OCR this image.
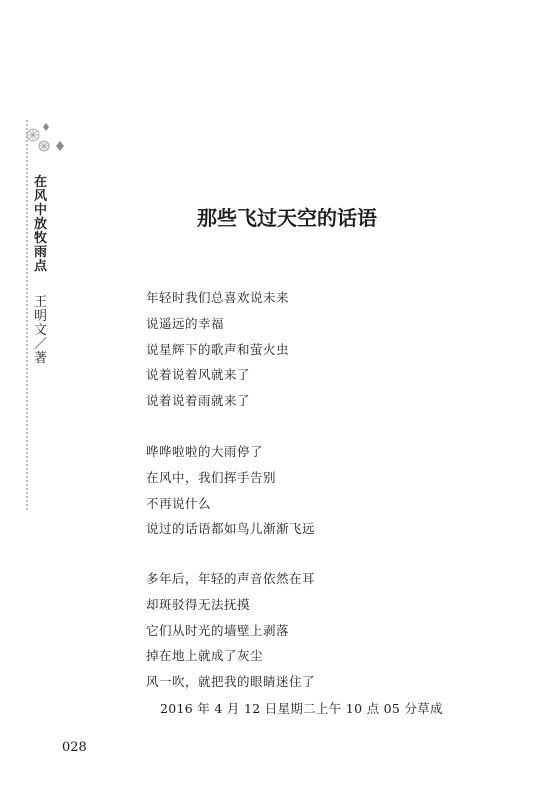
在风中放牧雨点
王明文／著
那些飞过天空的话语
年轻时我们总喜欢说未来
说遥远的幸福
说星辉下的歌声和萤火虫
说着说着风就来了
说着说着雨就来了
哗哗啦啦的大雨停了
在风中，我们挥手告别
不再说什么
说过的话语都如鸟儿渐渐飞远
多年后，年轻的声音依然在耳
却斑驳得无法抚摸
它们从时光的墙壁上剥落
掉在地上就成了灰尘
风一吹，就把我的眼睛迷住了
2016 年 4 月 12 日星期二上午 10 点 05 分草成
028
